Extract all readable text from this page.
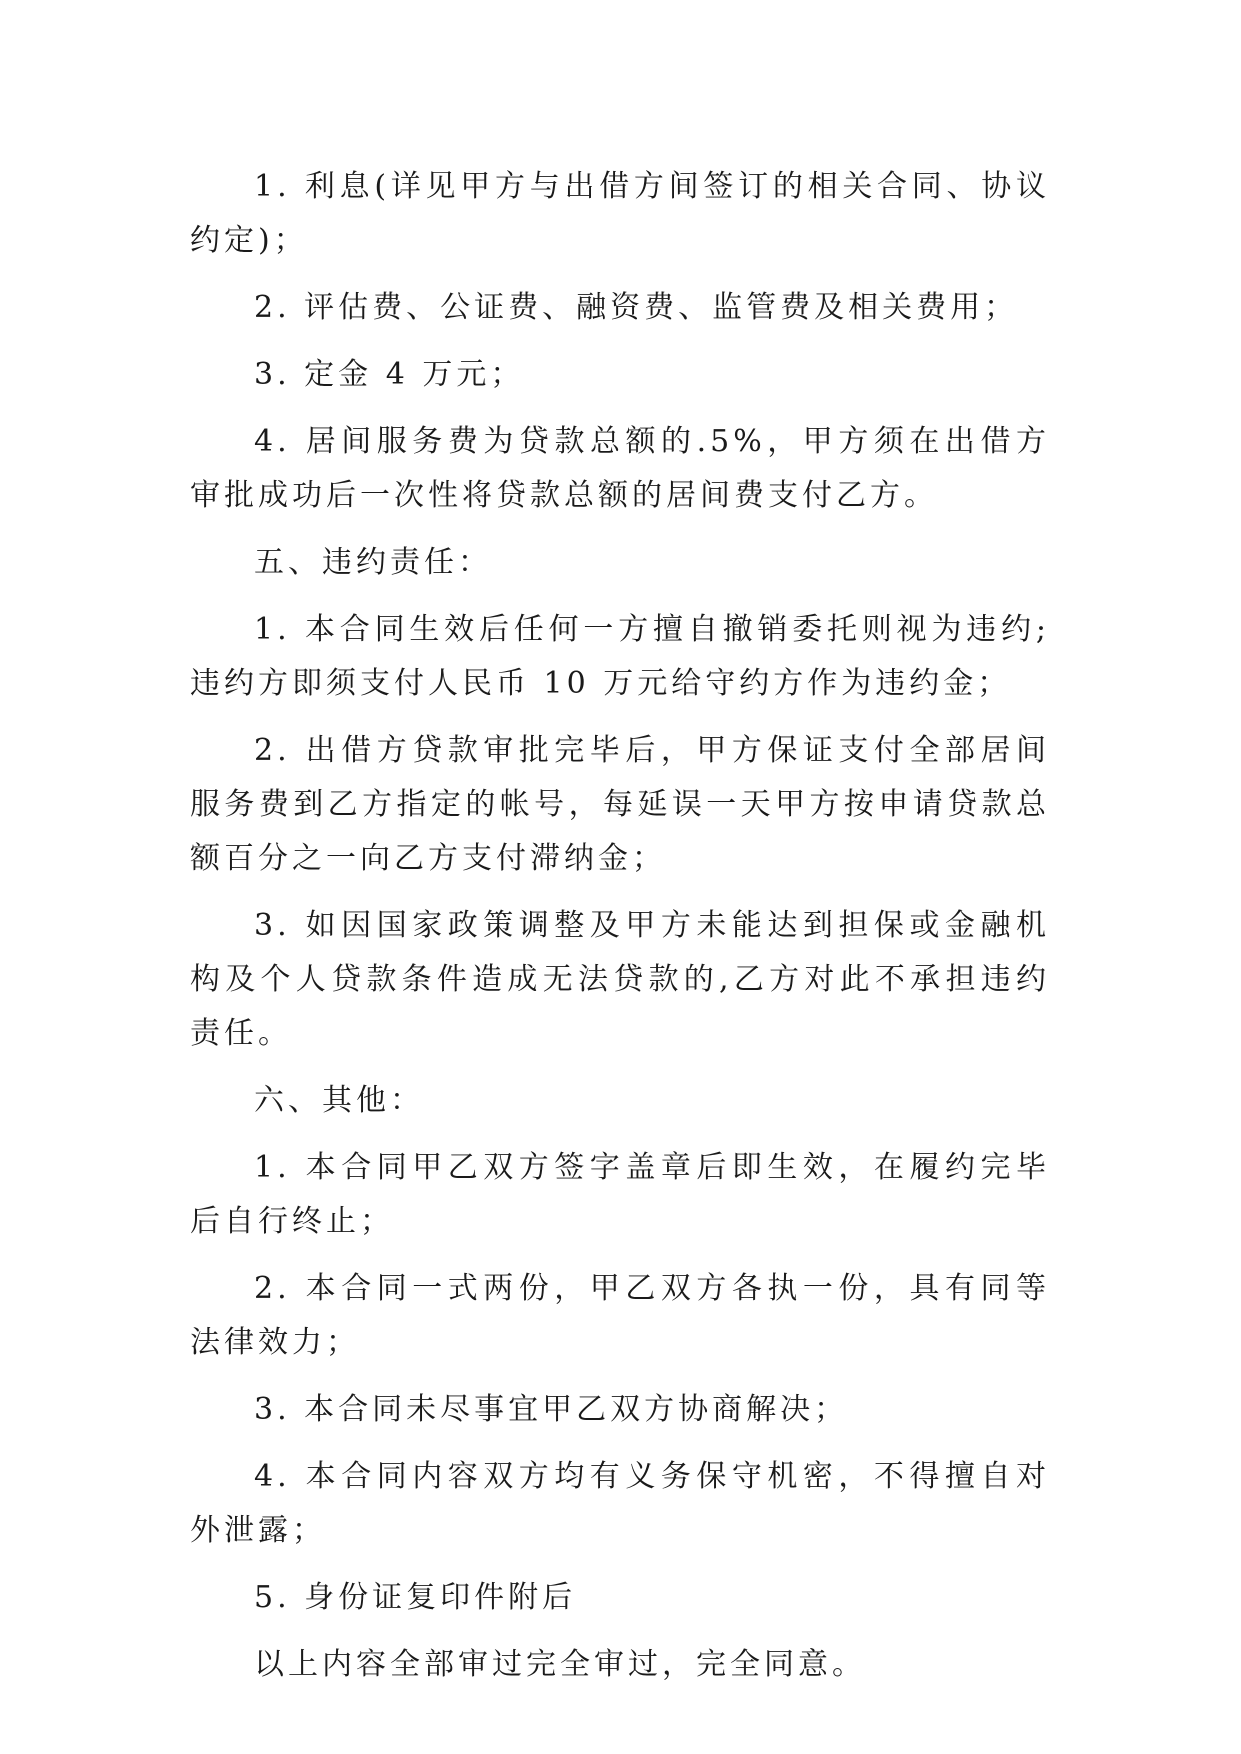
1. 利息(详见甲方与出借方间签订的相关合同、协议约定)；

2. 评估费、公证费、融资费、监管费及相关费用；

3. 定金 4 万元；

4. 居间服务费为贷款总额的.5%，甲方须在出借方审批成功后一次性将贷款总额的居间费支付乙方。

五、违约责任：

1. 本合同生效后任何一方擅自撤销委托则视为违约;违约方即须支付人民币 10 万元给守约方作为违约金；

2. 出借方贷款审批完毕后，甲方保证支付全部居间服务费到乙方指定的帐号，每延误一天甲方按申请贷款总额百分之一向乙方支付滞纳金；

3. 如因国家政策调整及甲方未能达到担保或金融机构及个人贷款条件造成无法贷款的,乙方对此不承担违约责任。

六、其他：

1. 本合同甲乙双方签字盖章后即生效，在履约完毕后自行终止；

2. 本合同一式两份，甲乙双方各执一份，具有同等法律效力；

3. 本合同未尽事宜甲乙双方协商解决；

4. 本合同内容双方均有义务保守机密，不得擅自对外泄露；

5. 身份证复印件附后

以上内容全部审过完全审过，完全同意。
